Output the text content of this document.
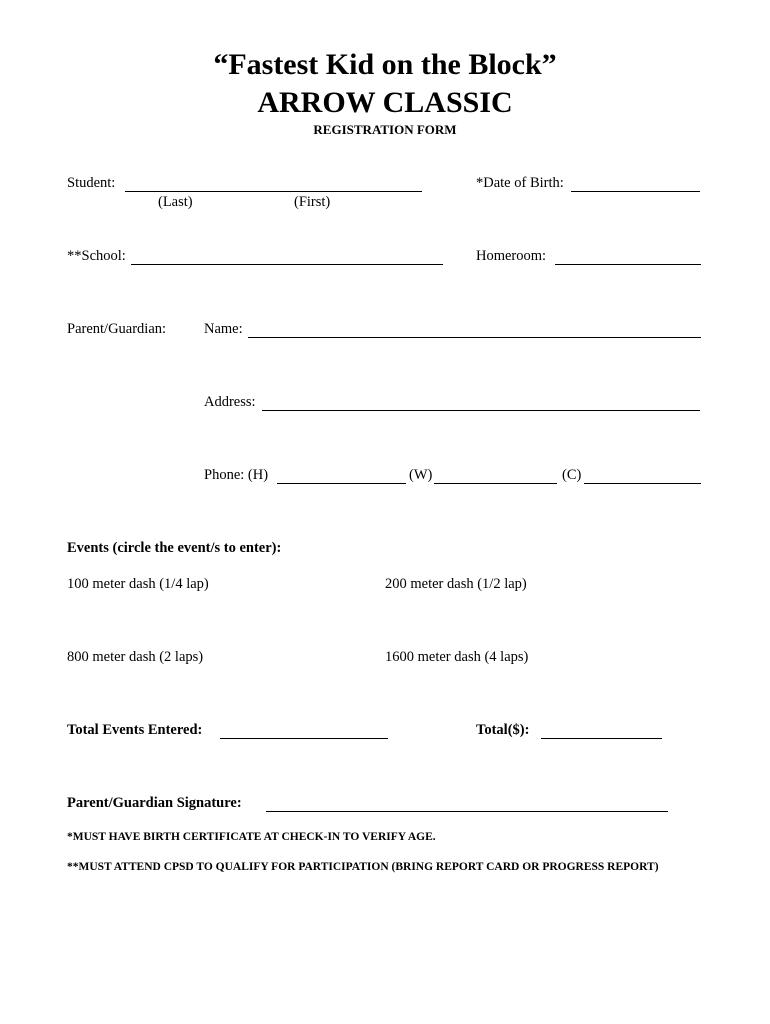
“Fastest Kid on the Block”
ARROW CLASSIC
REGISTRATION FORM
Student:	*Date of Birth:
(Last)	(First)
**School:	Homeroom:
Parent/Guardian:	Name:
Address:
Phone: (H)	(W)	(C)
Events (circle the event/s to enter):
100 meter dash (1/4 lap)	200 meter dash (1/2 lap)
800 meter dash (2 laps)	1600 meter dash (4 laps)
Total Events Entered:	Total($):
Parent/Guardian Signature:
*MUST HAVE BIRTH CERTIFICATE AT CHECK-IN TO VERIFY AGE.
**MUST ATTEND CPSD TO QUALIFY FOR PARTICIPATION (BRING REPORT CARD OR PROGRESS REPORT)
